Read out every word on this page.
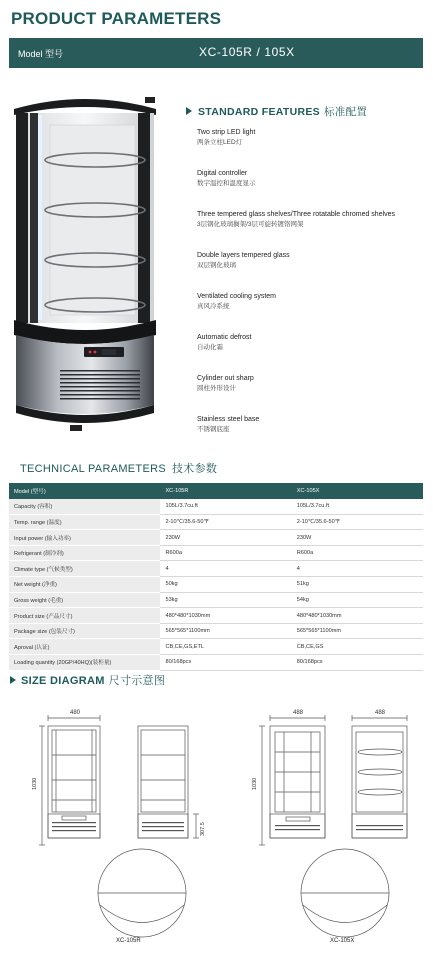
PRODUCT PARAMETERS
Model 型号	XC-105R / 105X
STANDARD FEATURES 标准配置
Two strip LED light
两条立柱LED灯
Digital controller
数字温控和温度显示
Three tempered glass shelves/Three rotatable chromed shelves
3层钢化玻璃搁架/3层可旋转镀铬网架
Double layers tempered glass
双层钢化玻璃
Ventilated cooling system
真风冷系统
Automatic defrost
自动化霜
Cylinder out sharp
圆柱外形设计
Stainless steel base
不锈钢底座
TECHNICAL PARAMETERS 技术参数
Model (型号)	XC-105R	XC-105X
Capacity (容积)	105L/3.7cu.ft	105L/3.7cu.ft
Temp. range (温度)	2-10℃/35.6-50℉	2-10℃/35.6-50℉
Input power (输入功率)	230W	230W
Refrigerant (制冷剂)	R600a	R600a
Climate type (气候类型)	4	4
Net weight (净重)	50kg	51kg
Gross weight (毛重)	53kg	54kg
Product size (产品尺寸)	480*480*1030mm	480*480*1030mm
Package size (包装尺寸)	565*565*1100mm	565*565*1100mm
Aproval (认证)	CB,CE,GS,ETL	CB,CE,GS
Loading quantity (20GP/40HQ)(装柜量)	80/168pcs	80/168pcs
SIZE DIAGRAM 尺寸示意图
480	488	488
1030	1030
307.5
XC-105R	XC-105X
